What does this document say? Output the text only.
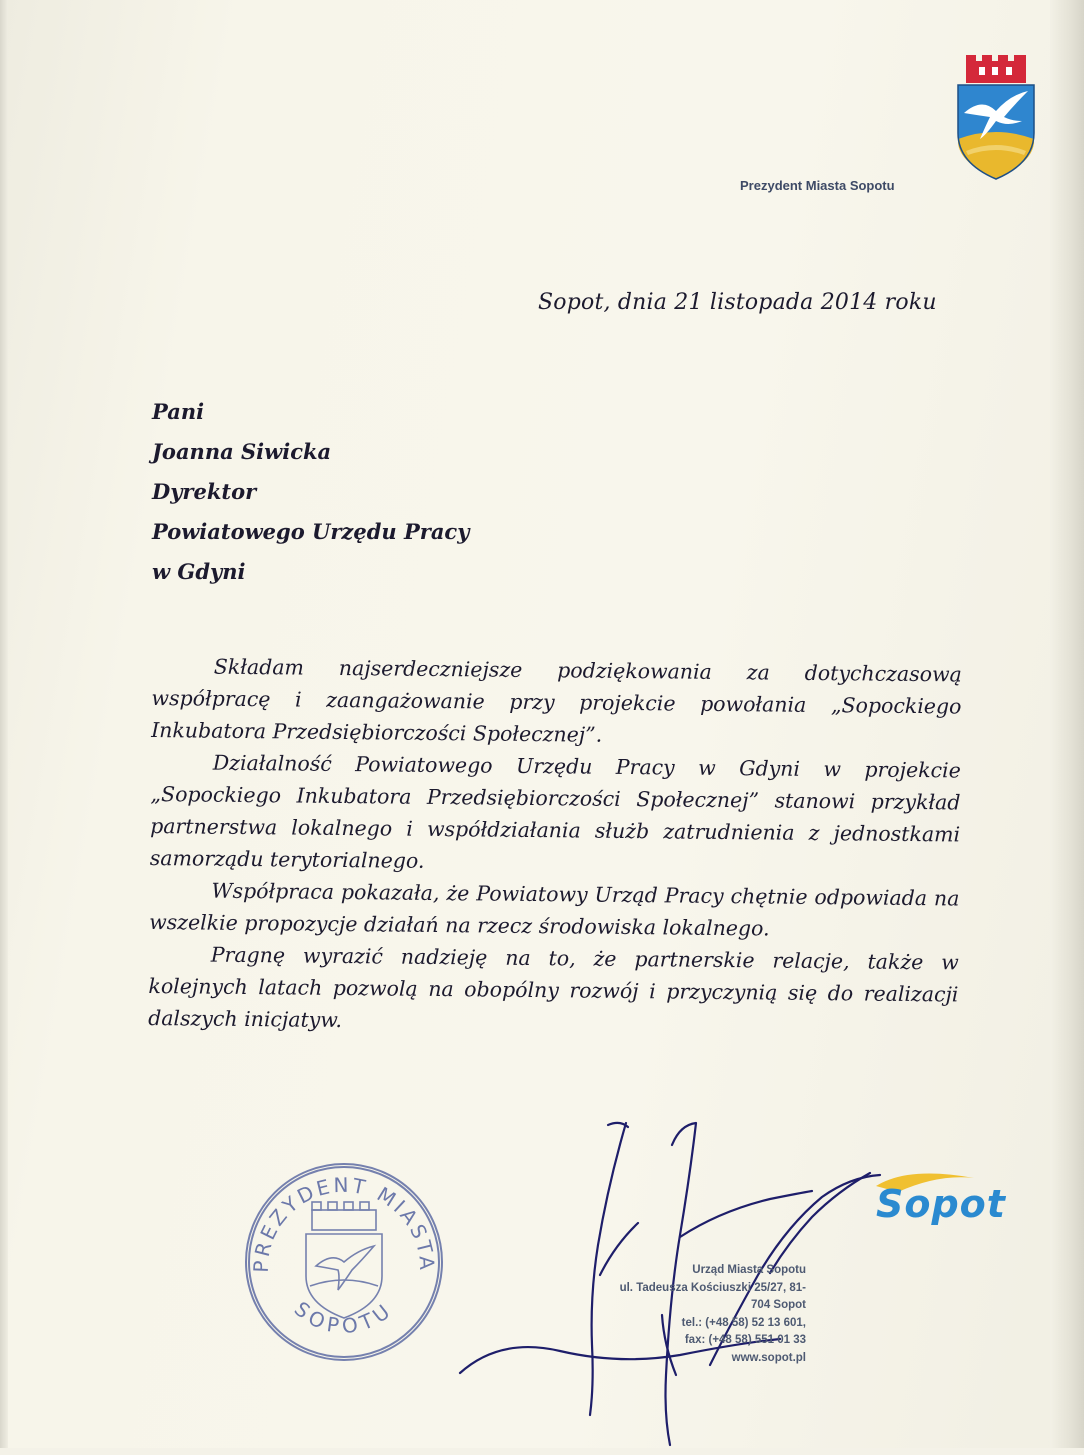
Prezydent Miasta Sopotu
Sopot, dnia 21 listopada 2014 roku
Pani
Joanna Siwicka
Dyrektor
Powiatowego Urzędu Pracy
w Gdyni

Składam najserdeczniejsze podziękowania za dotychczasową współpracę i zaangażowanie przy projekcie powołania „Sopockiego Inkubatora Przedsiębiorczości Społecznej”.

Działalność Powiatowego Urzędu Pracy w Gdyni w projekcie „Sopockiego Inkubatora Przedsiębiorczości Społecznej” stanowi przykład partnerstwa lokalnego i współdziałania służb zatrudnienia z jednostkami samorządu terytorialnego.

Współpraca pokazała, że Powiatowy Urząd Pracy chętnie odpowiada na wszelkie propozycje działań na rzecz środowiska lokalnego.

Pragnę wyrazić nadzieję na to, że partnerskie relacje, także w kolejnych latach pozwolą na obopólny rozwój i przyczynią się do realizacji dalszych inicjatyw.

PREZYDENT MIASTA
SOPOTU
Sopot
Urząd Miasta Sopotu
ul. Tadeusza Kościuszki 25/27, 81-
704 Sopot
tel.: (+48 58) 52 13 601,
fax: (+48 58) 551 01 33
www.sopot.pl
